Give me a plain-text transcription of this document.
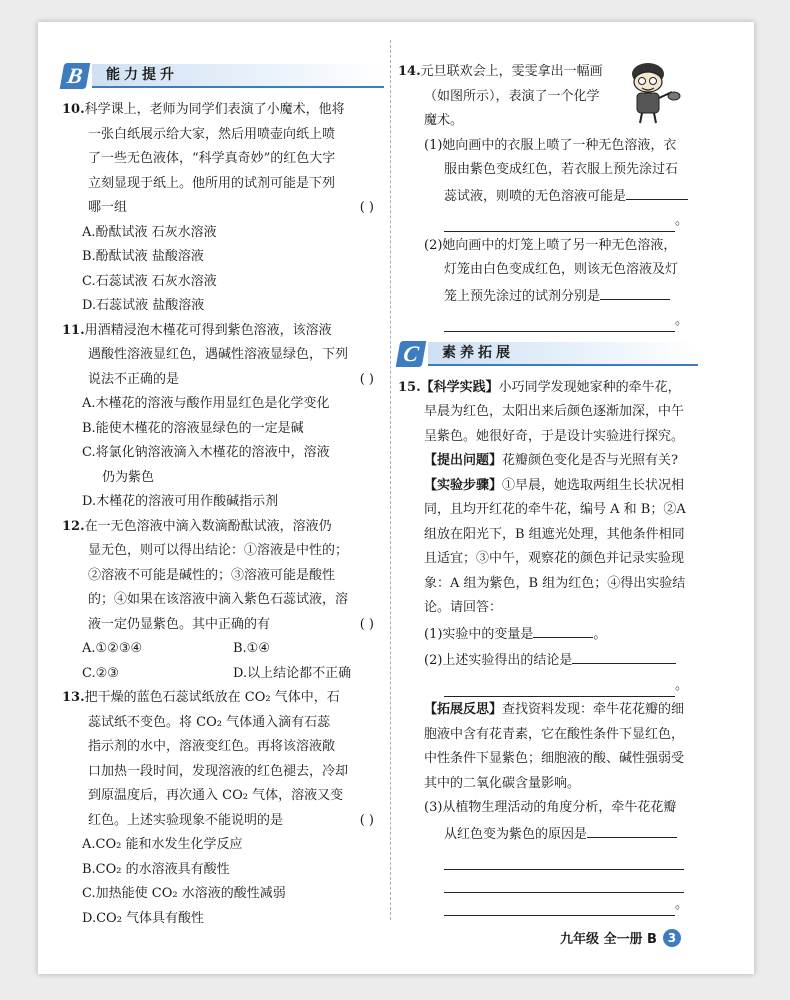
B	能力提升
10.科学课上，老师为同学们表演了小魔术，他将
一张白纸展示给大家，然后用喷壶向纸上喷
了一些无色液体，“科学真奇妙”的红色大字
立刻显现于纸上。他所用的试剂可能是下列
哪一组	( )
A.酚酞试液 石灰水溶液
B.酚酞试液 盐酸溶液
C.石蕊试液 石灰水溶液
D.石蕊试液 盐酸溶液
11.用酒精浸泡木槿花可得到紫色溶液，该溶液
遇酸性溶液显红色，遇碱性溶液显绿色，下列
说法不正确的是	( )
A.木槿花的溶液与酸作用显红色是化学变化
B.能使木槿花的溶液显绿色的一定是碱
C.将氯化钠溶液滴入木槿花的溶液中，溶液
仍为紫色
D.木槿花的溶液可用作酸碱指示剂
12.在一无色溶液中滴入数滴酚酞试液，溶液仍
显无色，则可以得出结论：①溶液是中性的；
②溶液不可能是碱性的；③溶液可能是酸性
的；④如果在该溶液中滴入紫色石蕊试液，溶
液一定仍显紫色。其中正确的有	( )
A.①②③④	B.①④
C.②③	D.以上结论都不正确
13.把干燥的蓝色石蕊试纸放在 CO₂ 气体中，石
蕊试纸不变色。将 CO₂ 气体通入滴有石蕊
指示剂的水中，溶液变红色。再将该溶液敞
口加热一段时间，发现溶液的红色褪去，冷却
到原温度后，再次通入 CO₂ 气体，溶液又变
红色。上述实验现象不能说明的是	( )
A.CO₂ 能和水发生化学反应
B.CO₂ 的水溶液具有酸性
C.加热能使 CO₂ 水溶液的酸性减弱
D.CO₂ 气体具有酸性
14.元旦联欢会上，雯雯拿出一幅画
（如图所示），表演了一个化学
魔术。
(1)她向画中的衣服上喷了一种无色溶液，衣
服由紫色变成红色，若衣服上预先涂过石
蕊试液，则喷的无色溶液可能是
。
(2)她向画中的灯笼上喷了另一种无色溶液，
灯笼由白色变成红色，则该无色溶液及灯
笼上预先涂过的试剂分别是
。
C	素养拓展
15.【科学实践】小巧同学发现她家种的牵牛花，
早晨为红色，太阳出来后颜色逐渐加深，中午
呈紫色。她很好奇，于是设计实验进行探究。
【提出问题】花瓣颜色变化是否与光照有关?
【实验步骤】①早晨，她选取两组生长状况相
同，且均开红花的牵牛花，编号 A 和 B；②A
组放在阳光下，B 组遮光处理，其他条件相同
且适宜；③中午，观察花的颜色并记录实验现
象：A 组为紫色，B 组为红色；④得出实验结
论。请回答：
(1)实验中的变量是	。
(2)上述实验得出的结论是
。
【拓展反思】查找资料发现：牵牛花花瓣的细
胞液中含有花青素，它在酸性条件下显红色，
中性条件下显紫色；细胞液的酸、碱性强弱受
其中的二氧化碳含量影响。
(3)从植物生理活动的角度分析，牵牛花花瓣
从红色变为紫色的原因是
。
九年级 全一册 B 3
